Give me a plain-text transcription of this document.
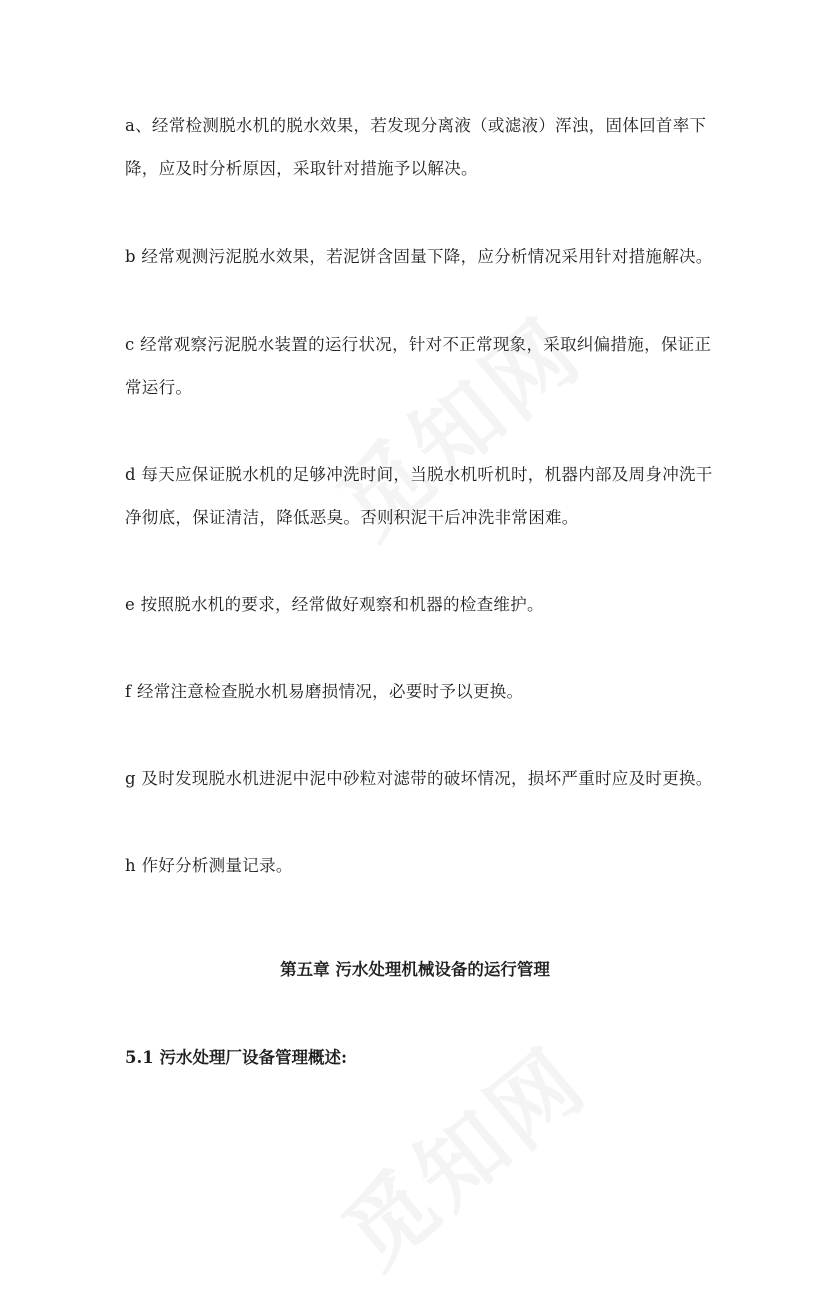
a、经常检测脱水机的脱水效果，若发现分离液（或滤液）浑浊，固体回首率下降，应及时分析原因，采取针对措施予以解决。

b 经常观测污泥脱水效果，若泥饼含固量下降，应分析情况采用针对措施解决。

c 经常观察污泥脱水装置的运行状况，针对不正常现象，采取纠偏措施，保证正常运行。

d 每天应保证脱水机的足够冲洗时间，当脱水机听机时，机器内部及周身冲洗干净彻底，保证清洁，降低恶臭。否则积泥干后冲洗非常困难。

e 按照脱水机的要求，经常做好观察和机器的检查维护。

f 经常注意检查脱水机易磨损情况，必要时予以更换。

g 及时发现脱水机进泥中泥中砂粒对滤带的破坏情况，损坏严重时应及时更换。

h 作好分析测量记录。

第五章 污水处理机械设备的运行管理
5.1 污水处理厂设备管理概述:
